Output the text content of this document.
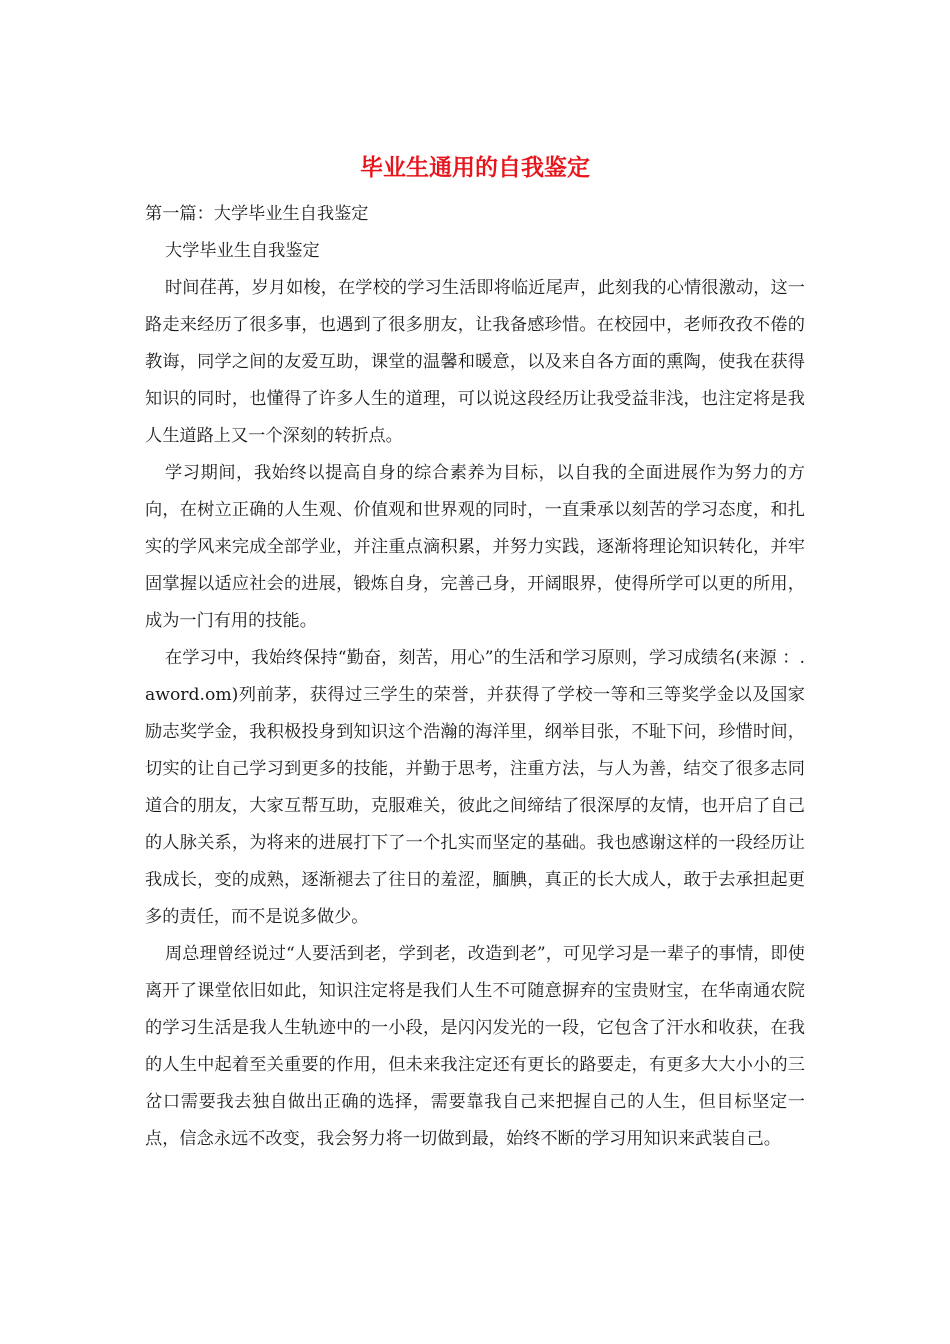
毕业生通用的自我鉴定

第一篇：大学毕业生自我鉴定

大学毕业生自我鉴定

时间荏苒，岁月如梭，在学校的学习生活即将临近尾声，此刻我的心情很激动，这一路走来经历了很多事，也遇到了很多朋友，让我备感珍惜。在校园中，老师孜孜不倦的教诲，同学之间的友爱互助，课堂的温馨和暖意，以及来自各方面的熏陶，使我在获得知识的同时，也懂得了许多人生的道理，可以说这段经历让我受益非浅，也注定将是我人生道路上又一个深刻的转折点。

学习期间，我始终以提高自身的综合素养为目标，以自我的全面进展作为努力的方向，在树立正确的人生观、价值观和世界观的同时，一直秉承以刻苦的学习态度，和扎实的学风来完成全部学业，并注重点滴积累，并努力实践，逐渐将理论知识转化，并牢固掌握以适应社会的进展，锻炼自身，完善己身，开阔眼界，使得所学可以更的所用，成为一门有用的技能。

在学习中，我始终保持“勤奋，刻苦，用心”的生活和学习原则，学习成绩名(来源 ：.aword.om)列前茅，获得过三学生的荣誉，并获得了学校一等和三等奖学金以及国家励志奖学金，我积极投身到知识这个浩瀚的海洋里，纲举目张，不耻下问，珍惜时间，切实的让自己学习到更多的技能，并勤于思考，注重方法，与人为善，结交了很多志同道合的朋友，大家互帮互助，克服难关，彼此之间缔结了很深厚的友情，也开启了自己的人脉关系，为将来的进展打下了一个扎实而坚定的基础。我也感谢这样的一段经历让我成长，变的成熟，逐渐褪去了往日的羞涩，腼腆，真正的长大成人，敢于去承担起更多的责任，而不是说多做少。

周总理曾经说过“人要活到老，学到老，改造到老”，可见学习是一辈子的事情，即使离开了课堂依旧如此，知识注定将是我们人生不可随意摒弃的宝贵财宝，在华南通农院的学习生活是我人生轨迹中的一小段，是闪闪发光的一段，它包含了汗水和收获，在我的人生中起着至关重要的作用，但未来我注定还有更长的路要走，有更多大大小小的三岔口需要我去独自做出正确的选择，需要靠我自己来把握自己的人生，但目标坚定一点，信念永远不改变，我会努力将一切做到最，始终不断的学习用知识来武装自己。
